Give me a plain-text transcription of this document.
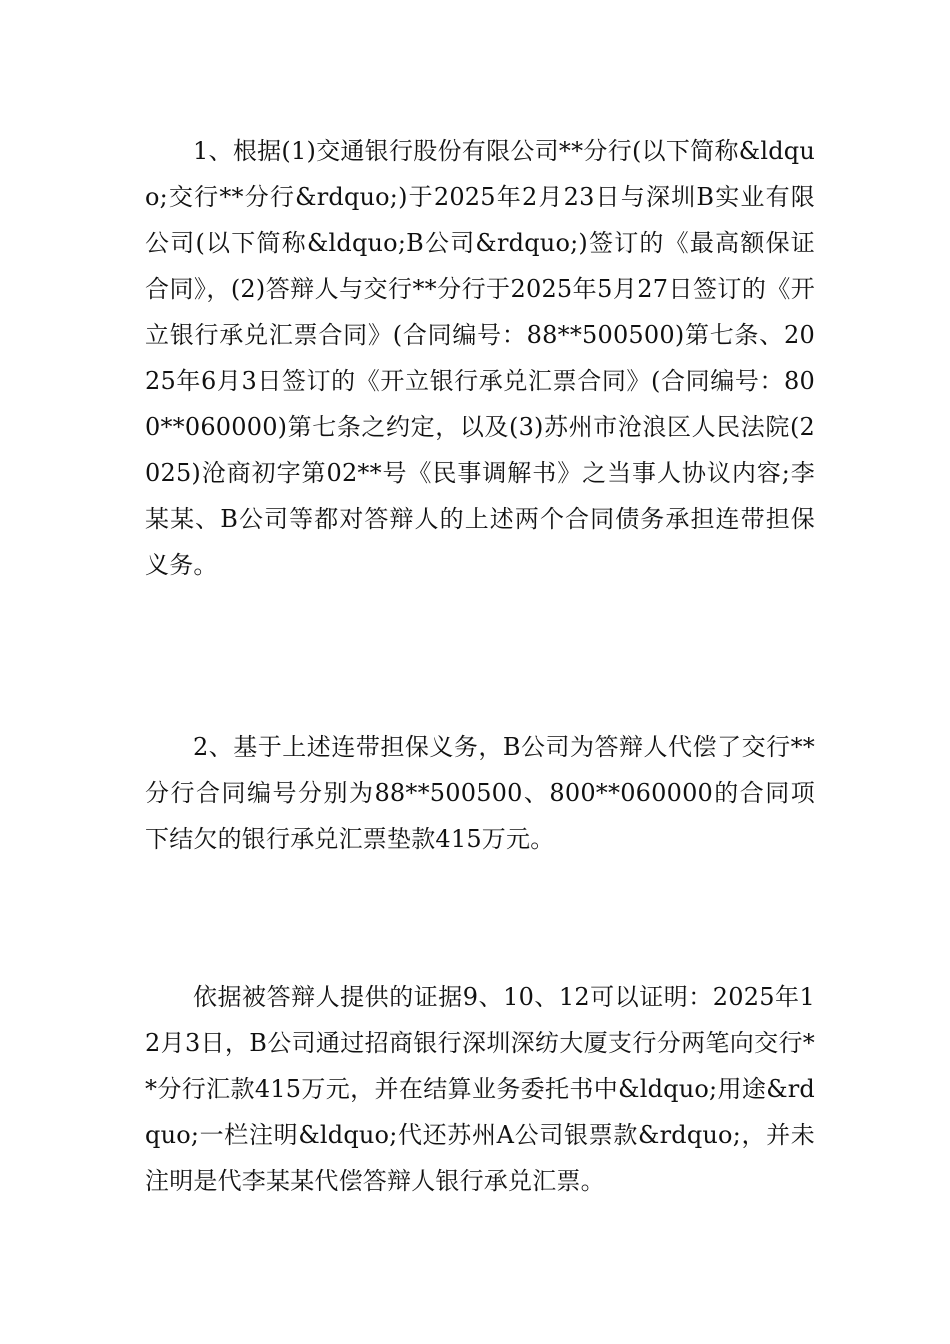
1、根据(1)交通银行股份有限公司**分行(以下简称&ldquo;交行**分行&rdquo;)于2025年2月23日与深圳B实业有限公司(以下简称&ldquo;B公司&rdquo;)签订的《最高额保证合同》，(2)答辩人与交行**分行于2025年5月27日签订的《开立银行承兑汇票合同》(合同编号：88**500500)第七条、2025年6月3日签订的《开立银行承兑汇票合同》(合同编号：800**060000)第七条之约定，以及(3)苏州市沧浪区人民法院(2025)沧商初字第02**号《民事调解书》之当事人协议内容;李某某、B公司等都对答辩人的上述两个合同债务承担连带担保义务。

2、基于上述连带担保义务，B公司为答辩人代偿了交行**分行合同编号分别为88**500500、800**060000的合同项下结欠的银行承兑汇票垫款415万元。

依据被答辩人提供的证据9、10、12可以证明：2025年12月3日，B公司通过招商银行深圳深纺大厦支行分两笔向交行**分行汇款415万元，并在结算业务委托书中&ldquo;用途&rdquo;一栏注明&ldquo;代还苏州A公司银票款&rdquo;，并未注明是代李某某代偿答辩人银行承兑汇票。
